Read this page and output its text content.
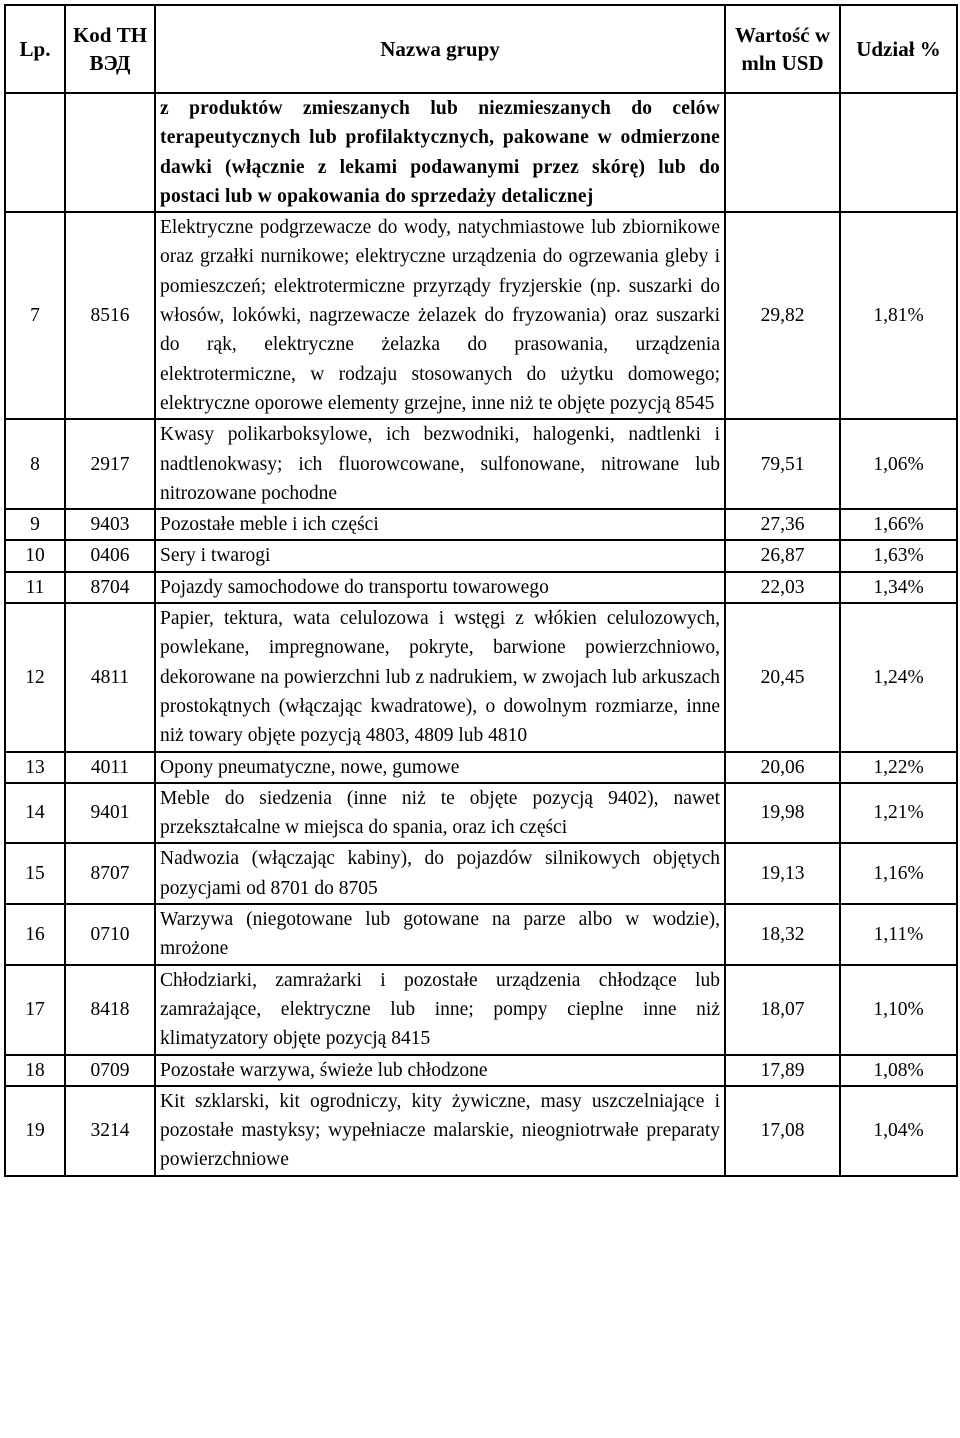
Lp.	Kod ТН ВЭД	Nazwa grupy	Wartość w mln USD	Udział %
		z produktów zmieszanych lub niezmieszanych do celów terapeutycznych lub profilaktycznych, pakowane w odmierzone dawki (włącznie z lekami podawanymi przez skórę) lub do postaci lub w opakowania do sprzedaży detalicznej		
7	8516	Elektryczne podgrzewacze do wody, natychmiastowe lub zbiornikowe oraz grzałki nurnikowe; elektryczne urządzenia do ogrzewania gleby i pomieszczeń; elektrotermiczne przyrządy fryzjerskie (np. suszarki do włosów, lokówki, nagrzewacze żelazek do fryzowania) oraz suszarki do rąk, elektryczne żelazka do prasowania, urządzenia elektrotermiczne, w rodzaju stosowanych do użytku domowego; elektryczne oporowe elementy grzejne, inne niż te objęte pozycją 8545	29,82	1,81%
8	2917	Kwasy polikarboksylowe, ich bezwodniki, halogenki, nadtlenki i nadtlenokwasy; ich fluorowcowane, sulfonowane, nitrowane lub nitrozowane pochodne	79,51	1,06%
9	9403	Pozostałe meble i ich części	27,36	1,66%
10	0406	Sery i twarogi	26,87	1,63%
11	8704	Pojazdy samochodowe do transportu towarowego	22,03	1,34%
12	4811	Papier, tektura, wata celulozowa i wstęgi z włókien celulozowych, powlekane, impregnowane, pokryte, barwione powierzchniowo, dekorowane na powierzchni lub z nadrukiem, w zwojach lub arkuszach prostokątnych (włączając kwadratowe), o dowolnym rozmiarze, inne niż towary objęte pozycją 4803, 4809 lub 4810	20,45	1,24%
13	4011	Opony pneumatyczne, nowe, gumowe	20,06	1,22%
14	9401	Meble do siedzenia (inne niż te objęte pozycją 9402), nawet przekształcalne w miejsca do spania, oraz ich części	19,98	1,21%
15	8707	Nadwozia (włączając kabiny), do pojazdów silnikowych objętych pozycjami od 8701 do 8705	19,13	1,16%
16	0710	Warzywa (niegotowane lub gotowane na parze albo w wodzie), mrożone	18,32	1,11%
17	8418	Chłodziarki, zamrażarki i pozostałe urządzenia chłodzące lub zamrażające, elektryczne lub inne; pompy cieplne inne niż klimatyzatory objęte pozycją 8415	18,07	1,10%
18	0709	Pozostałe warzywa, świeże lub chłodzone	17,89	1,08%
19	3214	Kit szklarski, kit ogrodniczy, kity żywiczne, masy uszczelniające i pozostałe mastyksy; wypełniacze malarskie, nieogniotrwałe preparaty powierzchniowe	17,08	1,04%
